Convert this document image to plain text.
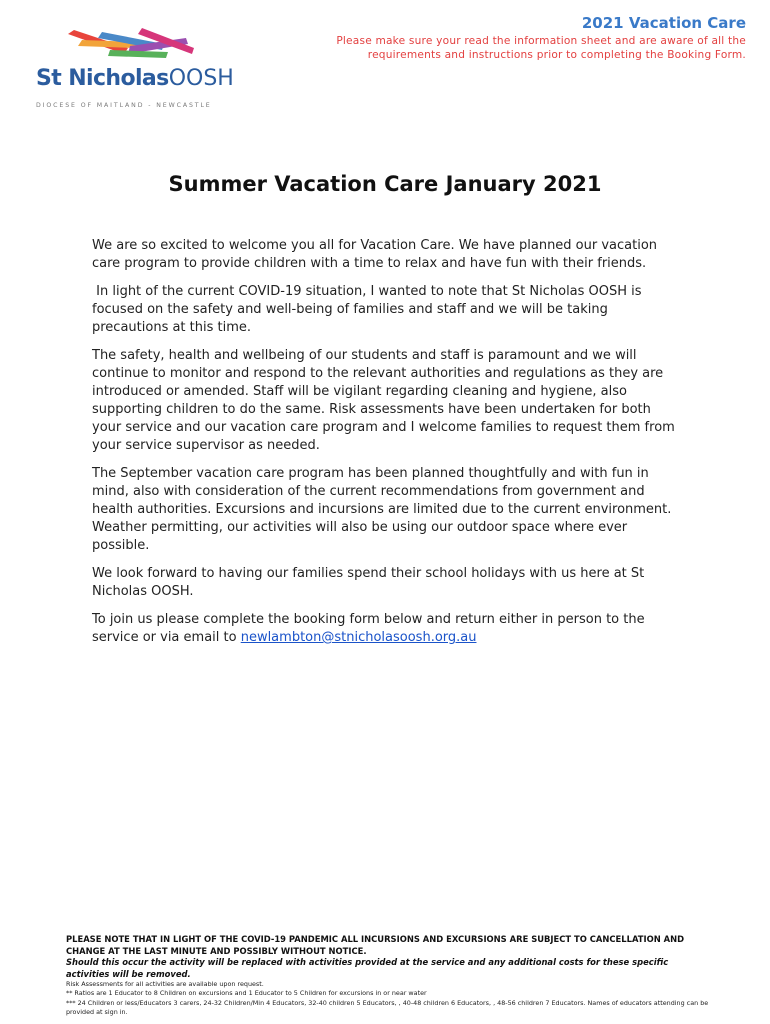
St NicholasOOSH
DIOCESE OF MAITLAND - NEWCASTLE
2021 Vacation Care
Please make sure your read the information sheet and are aware of all the
requirements and instructions prior to completing the Booking Form.
Summer Vacation Care January 2021

We are so excited to welcome you all for Vacation Care. We have planned our vacation care program to provide children with a time to relax and have fun with their friends.

In light of the current COVID-19 situation, I wanted to note that St Nicholas OOSH is focused on the safety and well-being of families and staff and we will be taking precautions at this time.

The safety, health and wellbeing of our students and staff is paramount and we will continue to monitor and respond to the relevant authorities and regulations as they are introduced or amended. Staff will be vigilant regarding cleaning and hygiene, also supporting children to do the same. Risk assessments have been undertaken for both your service and our vacation care program and I welcome families to request them from your service supervisor as needed.

The September vacation care program has been planned thoughtfully and with fun in mind, also with consideration of the current recommendations from government and health authorities. Excursions and incursions are limited due to the current environment. Weather permitting, our activities will also be using our outdoor space where ever possible.

We look forward to having our families spend their school holidays with us here at St Nicholas OOSH.

To join us please complete the booking form below and return either in person to the service or via email to newlambton@stnicholasoosh.org.au

PLEASE NOTE THAT IN LIGHT OF THE COVID-19 PANDEMIC ALL INCURSIONS AND EXCURSIONS ARE SUBJECT TO CANCELLATION AND CHANGE AT THE LAST MINUTE AND POSSIBLY WITHOUT NOTICE.
Should this occur the activity will be replaced with activities provided at the service and any additional costs for these specific activities will be removed.
Risk Assessments for all activities are available upon request.
** Ratios are 1 Educator to 8 Children on excursions and 1 Educator to 5 Children for excursions in or near water
*** 24 Children or less/Educators 3 carers, 24-32 Children/Min 4 Educators, 32-40 children 5 Educators, , 40-48 children 6 Educators, , 48-56 children 7 Educators. Names of educators attending can be provided at sign in.
